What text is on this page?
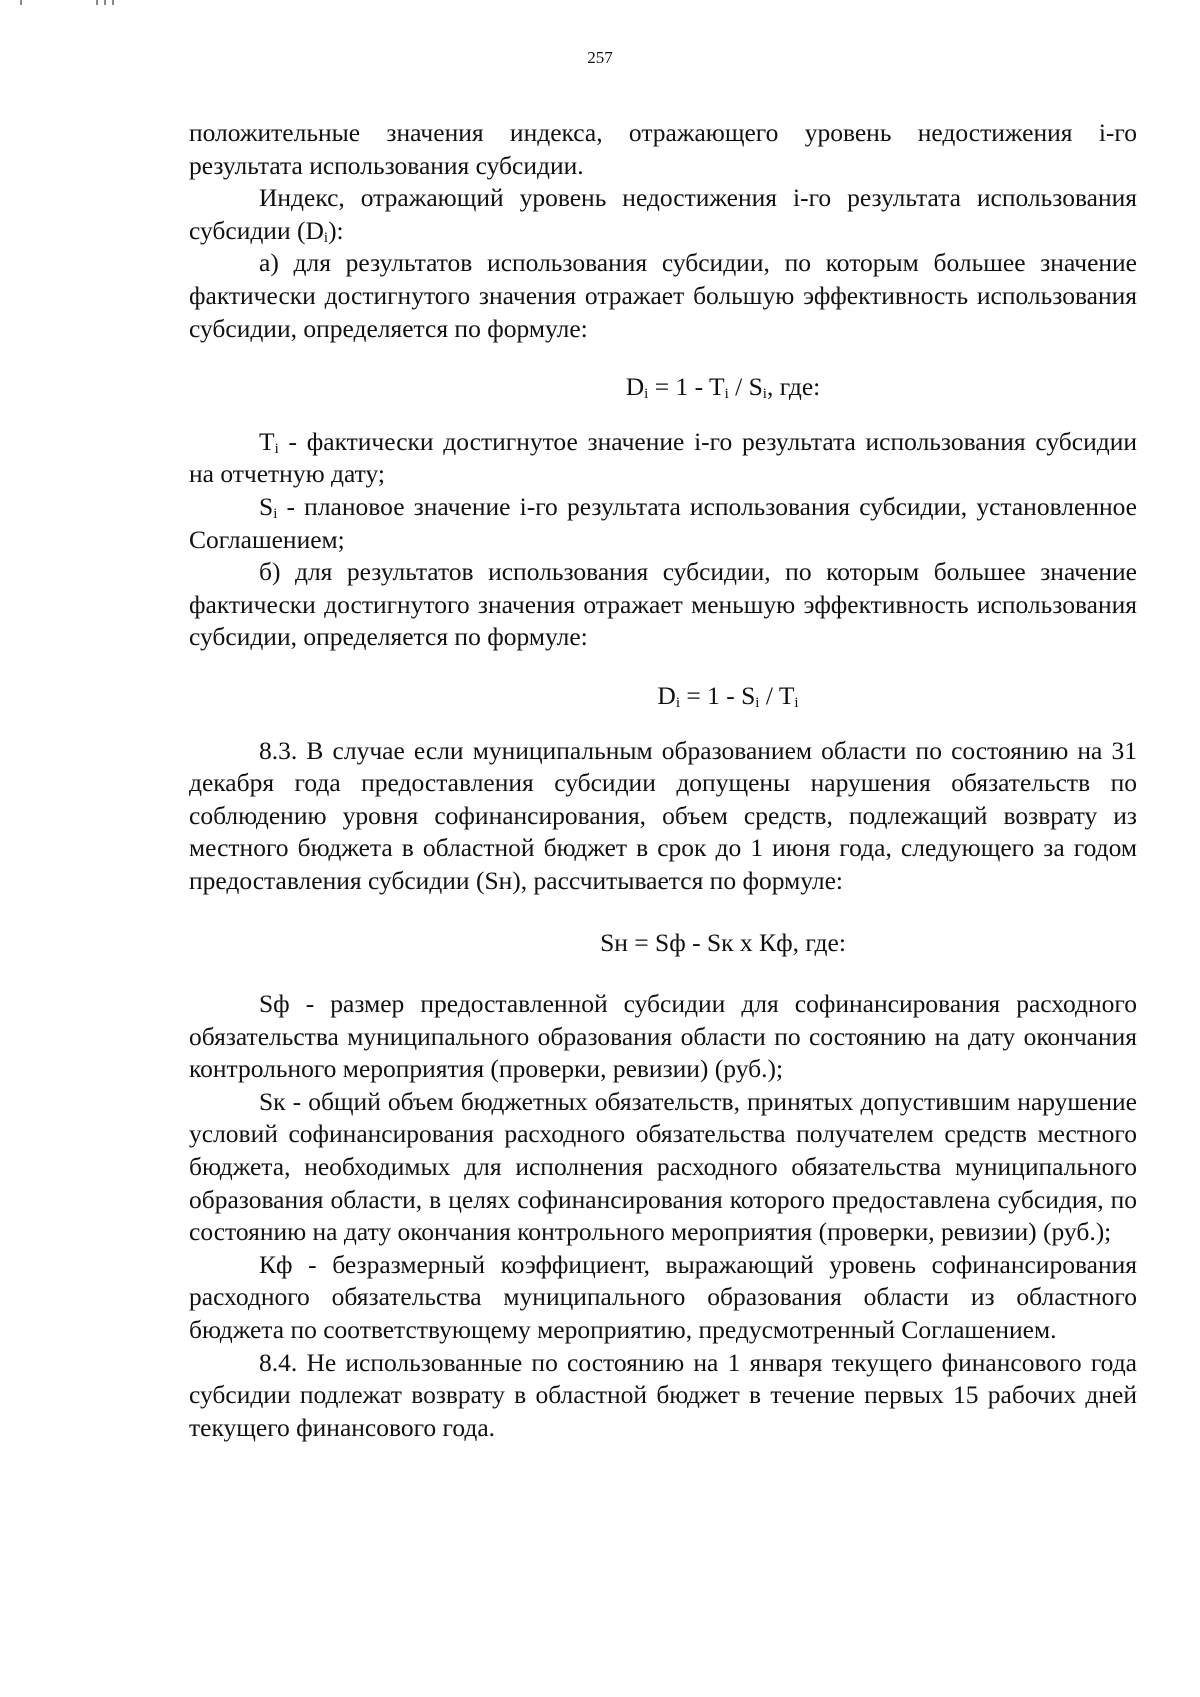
257

положительные значения индекса, отражающего уровень недостижения i-го результата использования субсидии.

Индекс, отражающий уровень недостижения i-го результата использования субсидии $(D_i)$:

а) для результатов использования субсидии, по которым большее значение фактически достигнутого значения отражает большую эффективность использования субсидии, определяется по формуле:

$D_i = 1 - T_i / S_i$, где:

$T_i$ - фактически достигнутое значение i-го результата использования субсидии на отчетную дату;

$S_i$ - плановое значение i-го результата использования субсидии, установленное Соглашением;

б) для результатов использования субсидии, по которым большее значение фактически достигнутого значения отражает меньшую эффективность использования субсидии, определяется по формуле:

$D_i = 1 - S_i / T_i$

8.3. В случае если муниципальным образованием области по состоянию на 31 декабря года предоставления субсидии допущены нарушения обязательств по соблюдению уровня софинансирования, объем средств, подлежащий возврату из местного бюджета в областной бюджет в срок до 1 июня года, следующего за годом предоставления субсидии (Sн), рассчитывается по формуле:

Sн = Sф - Sк х Кф, где:

Sф - размер предоставленной субсидии для софинансирования расходного обязательства муниципального образования области по состоянию на дату окончания контрольного мероприятия (проверки, ревизии) (руб.);

Sк - общий объем бюджетных обязательств, принятых допустившим нарушение условий софинансирования расходного обязательства получателем средств местного бюджета, необходимых для исполнения расходного обязательства муниципального образования области, в целях софинансирования которого предоставлена субсидия, по состоянию на дату окончания контрольного мероприятия (проверки, ревизии) (руб.);

Кф - безразмерный коэффициент, выражающий уровень софинансирования расходного обязательства муниципального образования области из областного бюджета по соответствующему мероприятию, предусмотренный Соглашением.

8.4. Не использованные по состоянию на 1 января текущего финансового года субсидии подлежат возврату в областной бюджет в течение первых 15 рабочих дней текущего финансового года.
